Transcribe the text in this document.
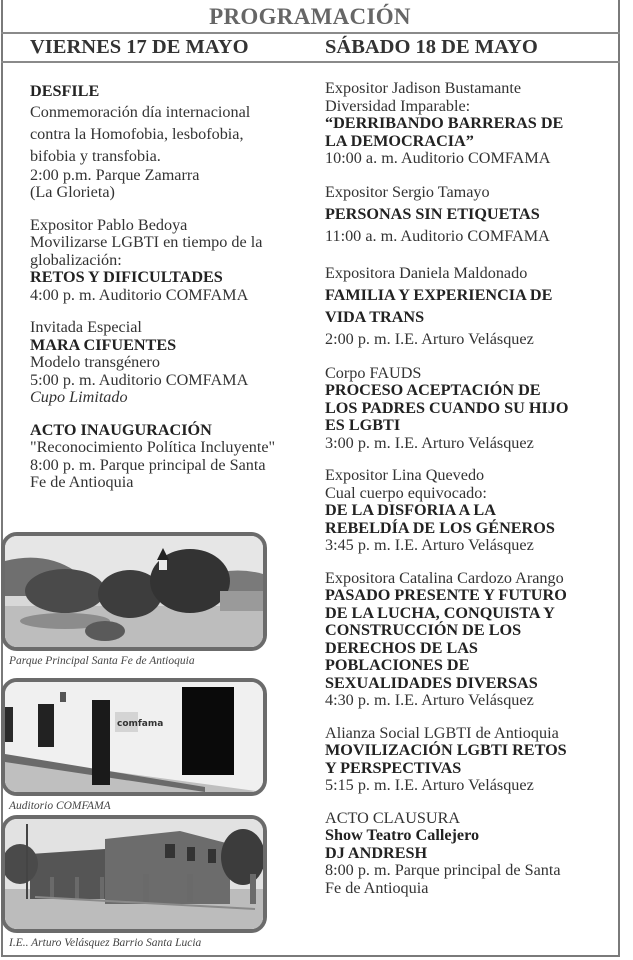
PROGRAMACIÓN
VIERNES 17 DE MAYO	SÁBADO 18 DE MAYO
DESFILE
Conmemoración día internacional
contra la Homofobia, lesbofobia,
bifobia y transfobia.
2:00 p.m. Parque Zamarra
(La Glorieta)
Expositor Pablo Bedoya
Movilizarse LGBTI en tiempo de la
globalización:
RETOS Y DIFICULTADES
4:00 p. m. Auditorio COMFAMA
Invitada Especial
MARA CIFUENTES
Modelo transgénero
5:00 p. m. Auditorio COMFAMA
Cupo Limitado
ACTO INAUGURACIÓN
"Reconocimiento Política Incluyente"
8:00 p. m. Parque principal de Santa
Fe de Antioquia
Parque Principal Santa Fe de Antioquia
comfama
Auditorio COMFAMA
I.E.. Arturo Velásquez Barrio Santa Lucia
Expositor Jadison Bustamante
Diversidad Imparable:
“DERRIBANDO BARRERAS DE
LA DEMOCRACIA”
10:00 a. m. Auditorio COMFAMA
Expositor Sergio Tamayo
PERSONAS SIN ETIQUETAS
11:00 a. m. Auditorio COMFAMA
Expositora Daniela Maldonado
FAMILIA Y EXPERIENCIA DE
VIDA TRANS
2:00 p. m. I.E. Arturo Velásquez
Corpo FAUDS
PROCESO ACEPTACIÓN DE
LOS PADRES CUANDO SU HIJO
ES LGBTI
3:00 p. m. I.E. Arturo Velásquez
Expositor Lina Quevedo
Cual cuerpo equivocado:
DE LA DISFORIA A LA
REBELDÍA DE LOS GÉNEROS
3:45 p. m. I.E. Arturo Velásquez
Expositora Catalina Cardozo Arango
PASADO PRESENTE Y FUTURO
DE LA LUCHA, CONQUISTA Y
CONSTRUCCIÓN DE LOS
DERECHOS DE LAS
POBLACIONES DE
SEXUALIDADES DIVERSAS
4:30 p. m. I.E. Arturo Velásquez
Alianza Social LGBTI de Antioquia
MOVILIZACIÓN LGBTI RETOS
Y PERSPECTIVAS
5:15 p. m. I.E. Arturo Velásquez
ACTO CLAUSURA
Show Teatro Callejero
DJ ANDRESH
8:00 p. m. Parque principal de Santa
Fe de Antioquia
